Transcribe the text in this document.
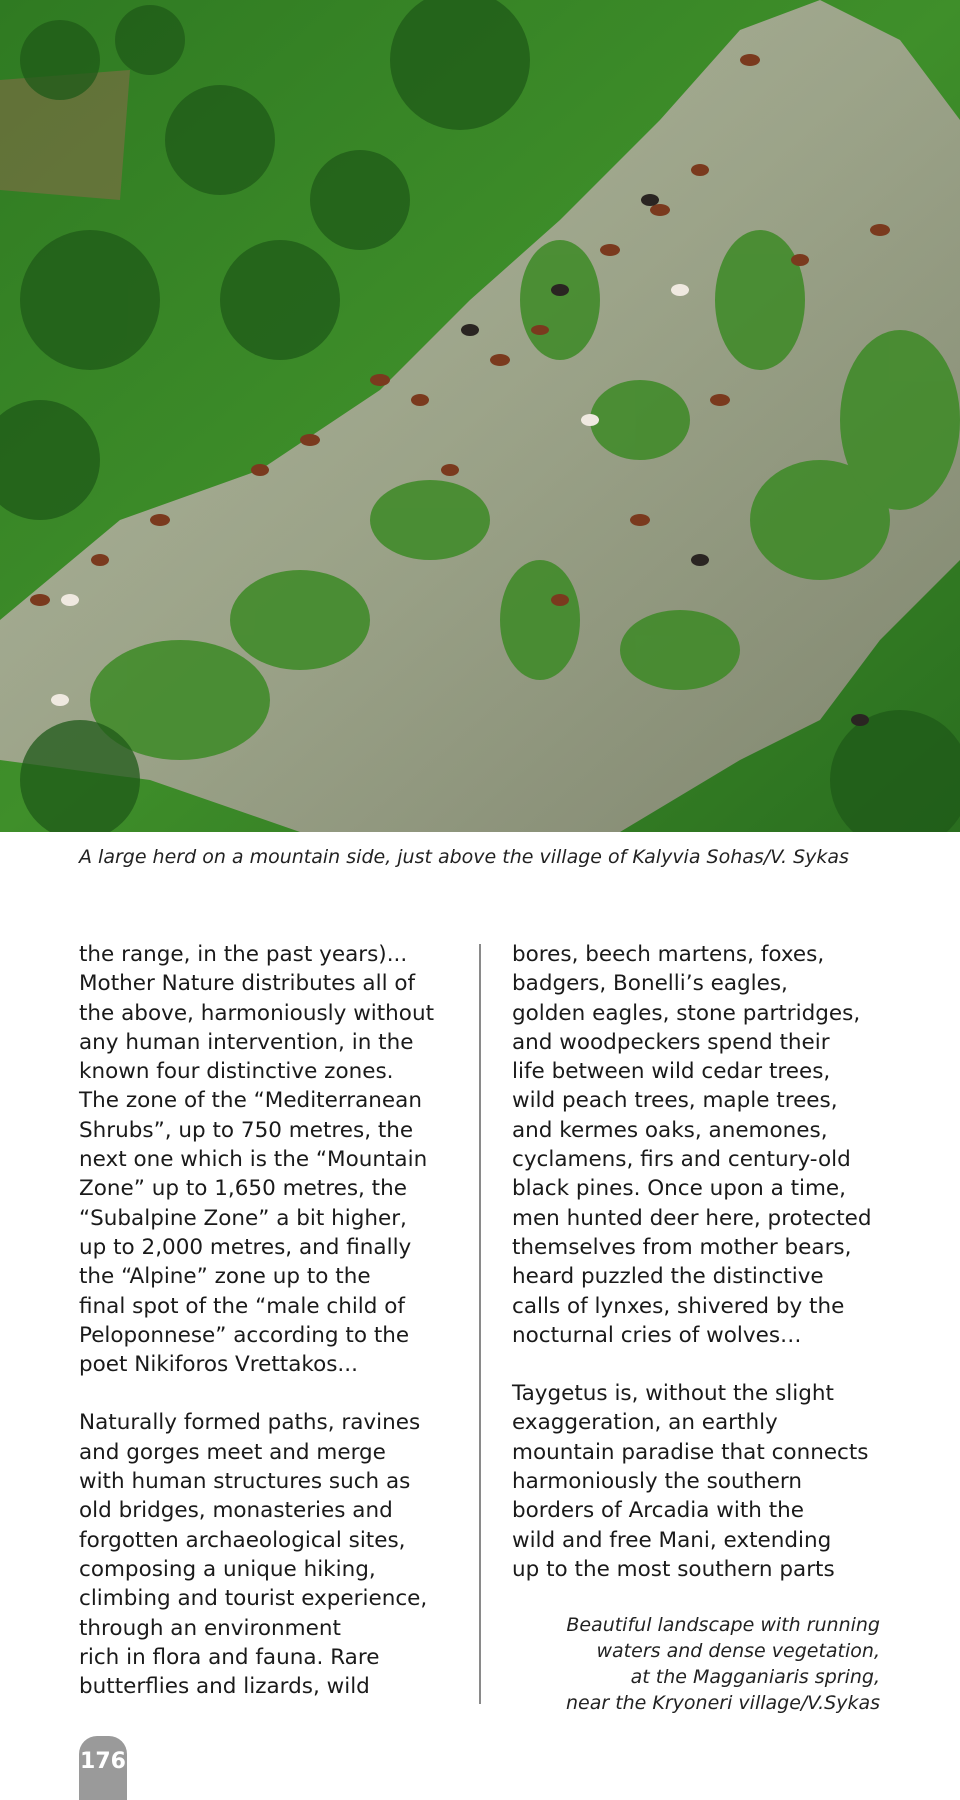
A large herd on a mountain side, just above the village of Kalyvia Sohas/V. Sykas

the range, in the past years)...
Mother Nature distributes all of
the above, harmoniously without
any human intervention, in the
known four distinctive zones.
The zone of the “Mediterranean
Shrubs”, up to 750 metres, the
next one which is the “Mountain
Zone” up to 1,650 metres, the
“Subalpine Zone” a bit higher,
up to 2,000 metres, and finally
the “Alpine” zone up to the
final spot of the “male child of
Peloponnese” according to the
poet Nikiforos Vrettakos...

Naturally formed paths, ravines
and gorges meet and merge
with human structures such as
old bridges, monasteries and
forgotten archaeological sites,
composing a unique hiking,
climbing and tourist experience,
through an environment
rich in flora and fauna. Rare
butterflies and lizards, wild

bores, beech martens, foxes,
badgers, Bonelli’s eagles,
golden eagles, stone partridges,
and woodpeckers spend their
life between wild cedar trees,
wild peach trees, maple trees,
and kermes oaks, anemones,
cyclamens, firs and century-old
black pines. Once upon a time,
men hunted deer here, protected
themselves from mother bears,
heard puzzled the distinctive
calls of lynxes, shivered by the
nocturnal cries of wolves…

Taygetus is, without the slight
exaggeration, an earthly
mountain paradise that connects
harmoniously the southern
borders of Arcadia with the
wild and free Mani, extending
up to the most southern parts

Beautiful landscape with running
waters and dense vegetation,
at the Magganiaris spring,
near the Kryoneri village/V.Sykas
176
